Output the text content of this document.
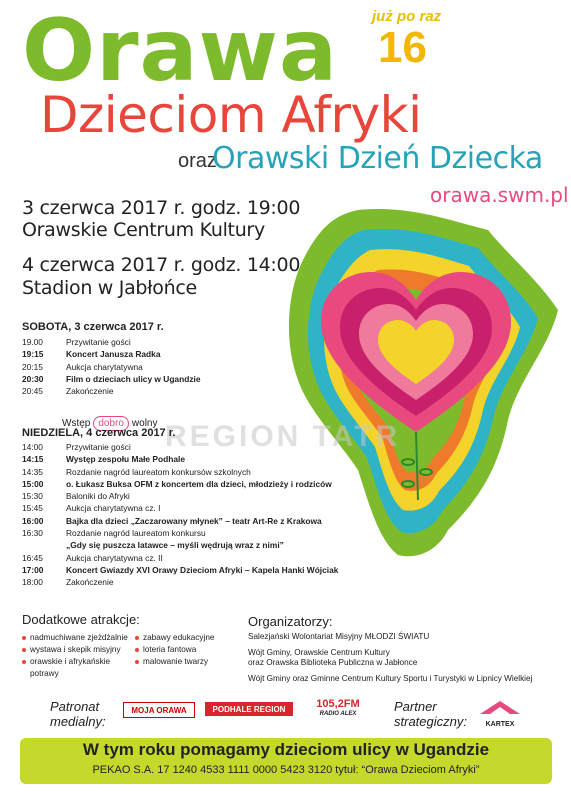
Orawa już po raz
16
Dzieciom Afryki
oraz
Orawski Dzień Dziecka
orawa.swm.pl
3 czerwca 2017 r. godz. 19:00
Orawskie Centrum Kultury
4 czerwca 2017 r. godz. 14:00
Stadion w Jabłońce
SOBOTA, 3 czerwca 2017 r.
19.00	Przywitanie gości
19:15	Koncert Janusza Radka
20:15	Aukcja charytatywna
20:30	Film o dzieciach ulicy w Ugandzie
20:45	Zakończenie
Wstęp dobro wolny REGION TATR
NIEDZIELA, 4 czerwca 2017 r.
14:00	Przywitanie gości
14:15	Występ zespołu Małe Podhale
14:35	Rozdanie nagród laureatom konkursów szkolnych
15:00	o. Łukasz Buksa OFM z koncertem dla dzieci, młodzieży i rodziców
15:30	Baloniki do Afryki
15:45	Aukcja charytatywna cz. I
16:00	Bajka dla dzieci „Zaczarowany młynek” – teatr Art-Re z Krakowa
16:30	Rozdanie nagród laureatom konkursu
„Gdy się puszcza latawce – myśli wędrują wraz z nimi”
16:45	Aukcja charytatywna cz. II
17:00	Koncert Gwiazdy XVI Orawy Dzieciom Afryki – Kapela Hanki Wójciak
18:00	Zakończenie
Dodatkowe atrakcje:
nadmuchiwane zjeżdżalnie
wystawa i skepik misyjny
orawskie i afrykańskie potrawy
zabawy edukacyjne
loteria fantowa
malowanie twarzy
Organizatorzy:
Salezjański Wolontariat Misyjny MŁODZI ŚWIATU
Wójt Gminy, Orawskie Centrum Kultury
oraz Orawska Biblioteka Publiczna w Jabłonce
Wójt Gminy oraz Gminne Centrum Kultury Sportu i Turystyki w Lipnicy Wielkiej
Patronat
medialny:
MOJA ORAWA	PODHALE REGION	105,2FM
RADIO ALEX	Partner
strategiczny:	KARTEX
W tym roku pomagamy dzieciom ulicy w Ugandzie
PEKAO S.A. 17 1240 4533 1111 0000 5423 3120 tytuł: “Orawa Dzieciom Afryki”
